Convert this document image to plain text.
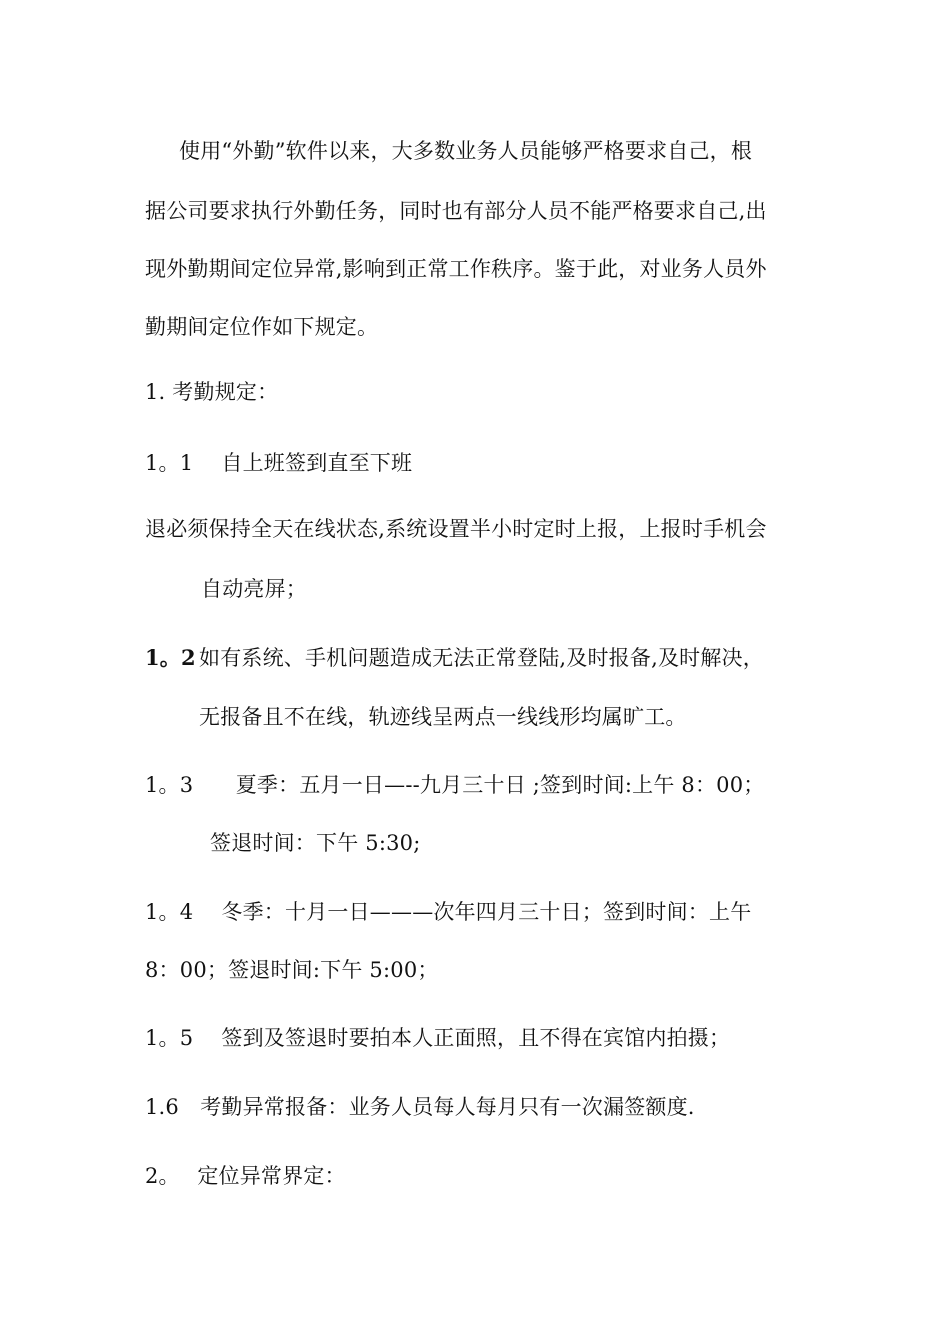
使用“外勤”软件以来，大多数业务人员能够严格要求自己，根
据公司要求执行外勤任务，同时也有部分人员不能严格要求自己,出
现外勤期间定位异常,影响到正常工作秩序。鉴于此，对业务人员外
勤期间定位作如下规定。
1. 考勤规定：
1。1　 自上班签到直至下班
退必须保持全天在线状态,系统设置半小时定时上报，上报时手机会
自动亮屏；
1。2 如有系统、手机问题造成无法正常登陆,及时报备,及时解决，
无报备且不在线，轨迹线呈两点一线线形均属旷工。
1。3　　夏季：五月一日—--九月三十日 ;签到时间:上午 8：00；
签退时间：下午 5:30;
1。4　 冬季：十月一日———次年四月三十日；签到时间：上午
8：00；签退时间:下午 5:00；
1。5　 签到及签退时要拍本人正面照，且不得在宾馆内拍摄；
1.6　考勤异常报备：业务人员每人每月只有一次漏签额度.
2。　 定位异常界定：
